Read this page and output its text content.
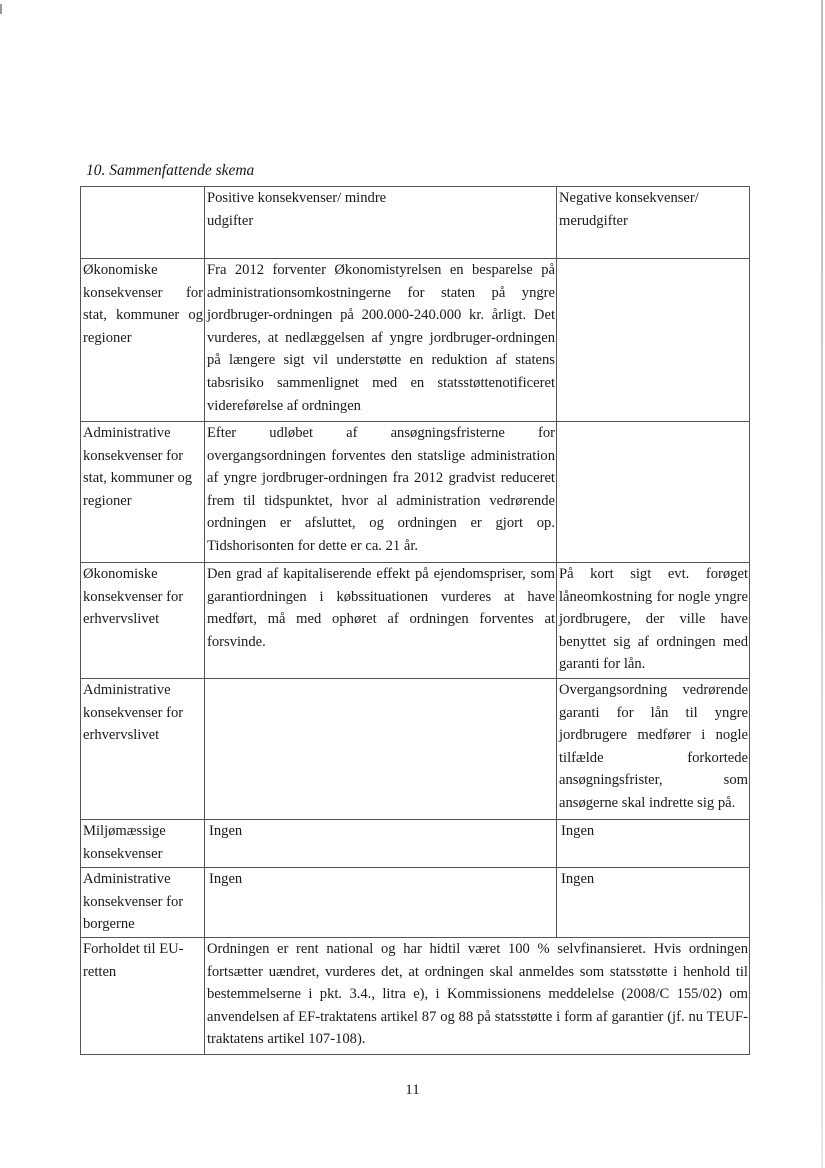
10. Sammenfattende skema
	Positive konsekvenser/ mindre udgifter	Negative konsekvenser/ merudgifter
Økonomiske konsekvenser for stat, kommuner og regioner	Fra 2012 forventer Økonomistyrelsen en besparelse på administrationsomkostningerne for staten på yngre jordbruger-ordningen på 200.000-240.000 kr. årligt. Det vurderes, at nedlæggelsen af yngre jordbruger-ordningen på længere sigt vil understøtte en reduktion af statens tabsrisiko sammenlignet med en statsstøttenotificeret videreførelse af ordningen	
Administrative konsekvenser for stat, kommuner og regioner	Efter udløbet af ansøgningsfristerne for overgangsordningen forventes den statslige administration af yngre jordbruger-ordningen fra 2012 gradvist reduceret frem til tidspunktet, hvor al administration vedrørende ordningen er afsluttet, og ordningen er gjort op. Tidshorisonten for dette er ca. 21 år.	
Økonomiske konsekvenser for erhvervslivet	Den grad af kapitaliserende effekt på ejendomspriser, som garantiordningen i købssituationen vurderes at have medført, må med ophøret af ordningen forventes at forsvinde.	På kort sigt evt. forøget låneomkostning for nogle yngre jordbrugere, der ville have benyttet sig af ordningen med garanti for lån.
Administrative konsekvenser for erhvervslivet		Overgangsordning vedrørende garanti for lån til yngre jordbrugere medfører i nogle tilfælde forkortede ansøgningsfrister, som ansøgerne skal indrette sig på.
Miljømæssige konsekvenser	Ingen	Ingen
Administrative konsekvenser for borgerne	Ingen	Ingen
Forholdet til EU-retten	Ordningen er rent national og har hidtil været 100 % selvfinansieret. Hvis ordningen fortsætter uændret, vurderes det, at ordningen skal anmeldes som statsstøtte i henhold til bestemmelserne i pkt. 3.4., litra e), i Kommissionens meddelelse (2008/C 155/02) om anvendelsen af EF-traktatens artikel 87 og 88 på statsstøtte i form af garantier (jf. nu TEUF-traktatens artikel 107-108).	
11
